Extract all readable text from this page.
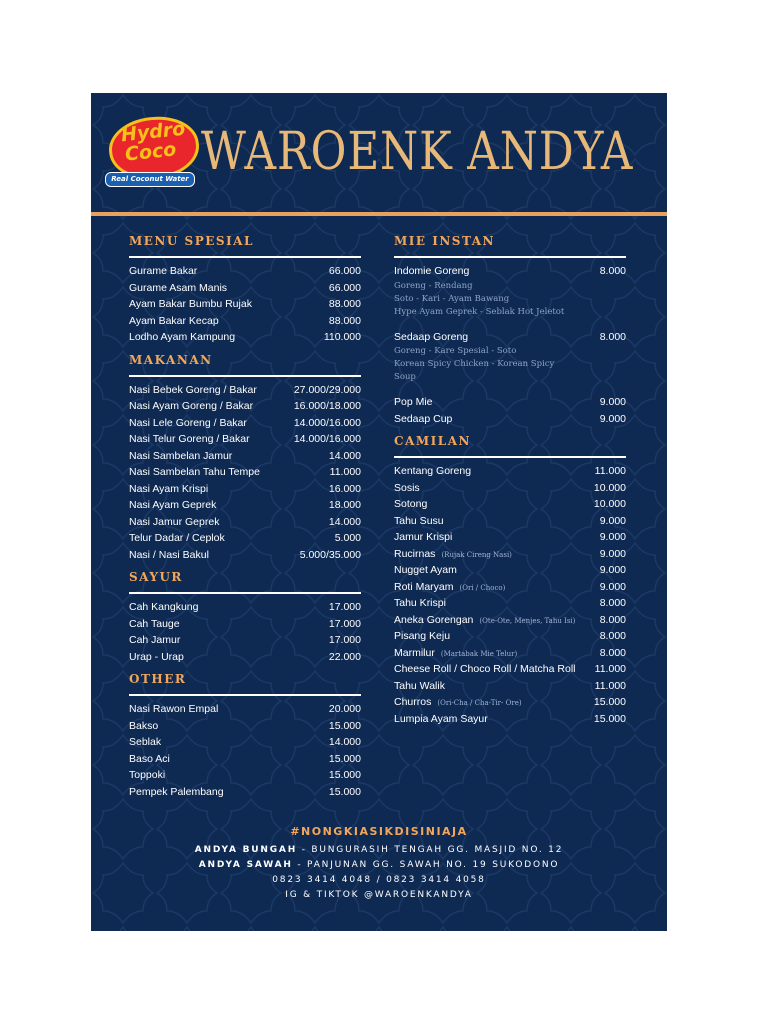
Hydro
Coco
Real Coconut Water WAROENK ANDYA
MENU SPESIAL
Gurame Bakar	66.000
Gurame Asam Manis	66.000
Ayam Bakar Bumbu Rujak	88.000
Ayam Bakar Kecap	88.000
Lodho Ayam Kampung	110.000
MAKANAN
Nasi Bebek Goreng / Bakar	27.000/29.000
Nasi Ayam Goreng / Bakar	16.000/18.000
Nasi Lele Goreng / Bakar	14.000/16.000
Nasi Telur Goreng / Bakar	14.000/16.000
Nasi Sambelan Jamur	14.000
Nasi Sambelan Tahu Tempe	11.000
Nasi Ayam Krispi	16.000
Nasi Ayam Geprek	18.000
Nasi Jamur Geprek	14.000
Telur Dadar / Ceplok	5.000
Nasi / Nasi Bakul	5.000/35.000
SAYUR
Cah Kangkung	17.000
Cah Tauge	17.000
Cah Jamur	17.000
Urap - Urap	22.000
OTHER
Nasi Rawon Empal	20.000
Bakso	15.000
Seblak	14.000
Baso Aci	15.000
Toppoki	15.000
Pempek Palembang	15.000
MIE INSTAN
Indomie Goreng	8.000
Goreng - Rendang
Soto - Kari - Ayam Bawang
Hype Ayam Geprek - Seblak Hot Jeletot
Sedaap Goreng	8.000
Goreng - Kare Spesial - Soto
Korean Spicy Chicken - Korean Spicy
Soup
Pop Mie	9.000
Sedaap Cup	9.000
CAMILAN
Kentang Goreng	11.000
Sosis	10.000
Sotong	10.000
Tahu Susu	9.000
Jamur Krispi	9.000
Rucirnas (Rujak Cireng Nasi)	9.000
Nugget Ayam	9.000
Roti Maryam (Ori / Choco)	9.000
Tahu Krispi	8.000
Aneka Gorengan (Ote-Ote, Menjes, Tahu Isi) 8.000
Pisang Keju	8.000
Marmilur (Martabak Mie Telur)	8.000
Cheese Roll / Choco Roll / Matcha Roll	11.000
Tahu Walik	11.000
Churros (Ori-Cha / Cha-Tir- Ore)	15.000
Lumpia Ayam Sayur	15.000
#NONGKIASIKDISINIAJA
ANDYA BUNGAH - BUNGURASIH TENGAH GG. MASJID NO. 12
ANDYA SAWAH - PANJUNAN GG. SAWAH NO. 19 SUKODONO
0823 3414 4048 / 0823 3414 4058
IG & TIKTOK @WAROENKANDYA
